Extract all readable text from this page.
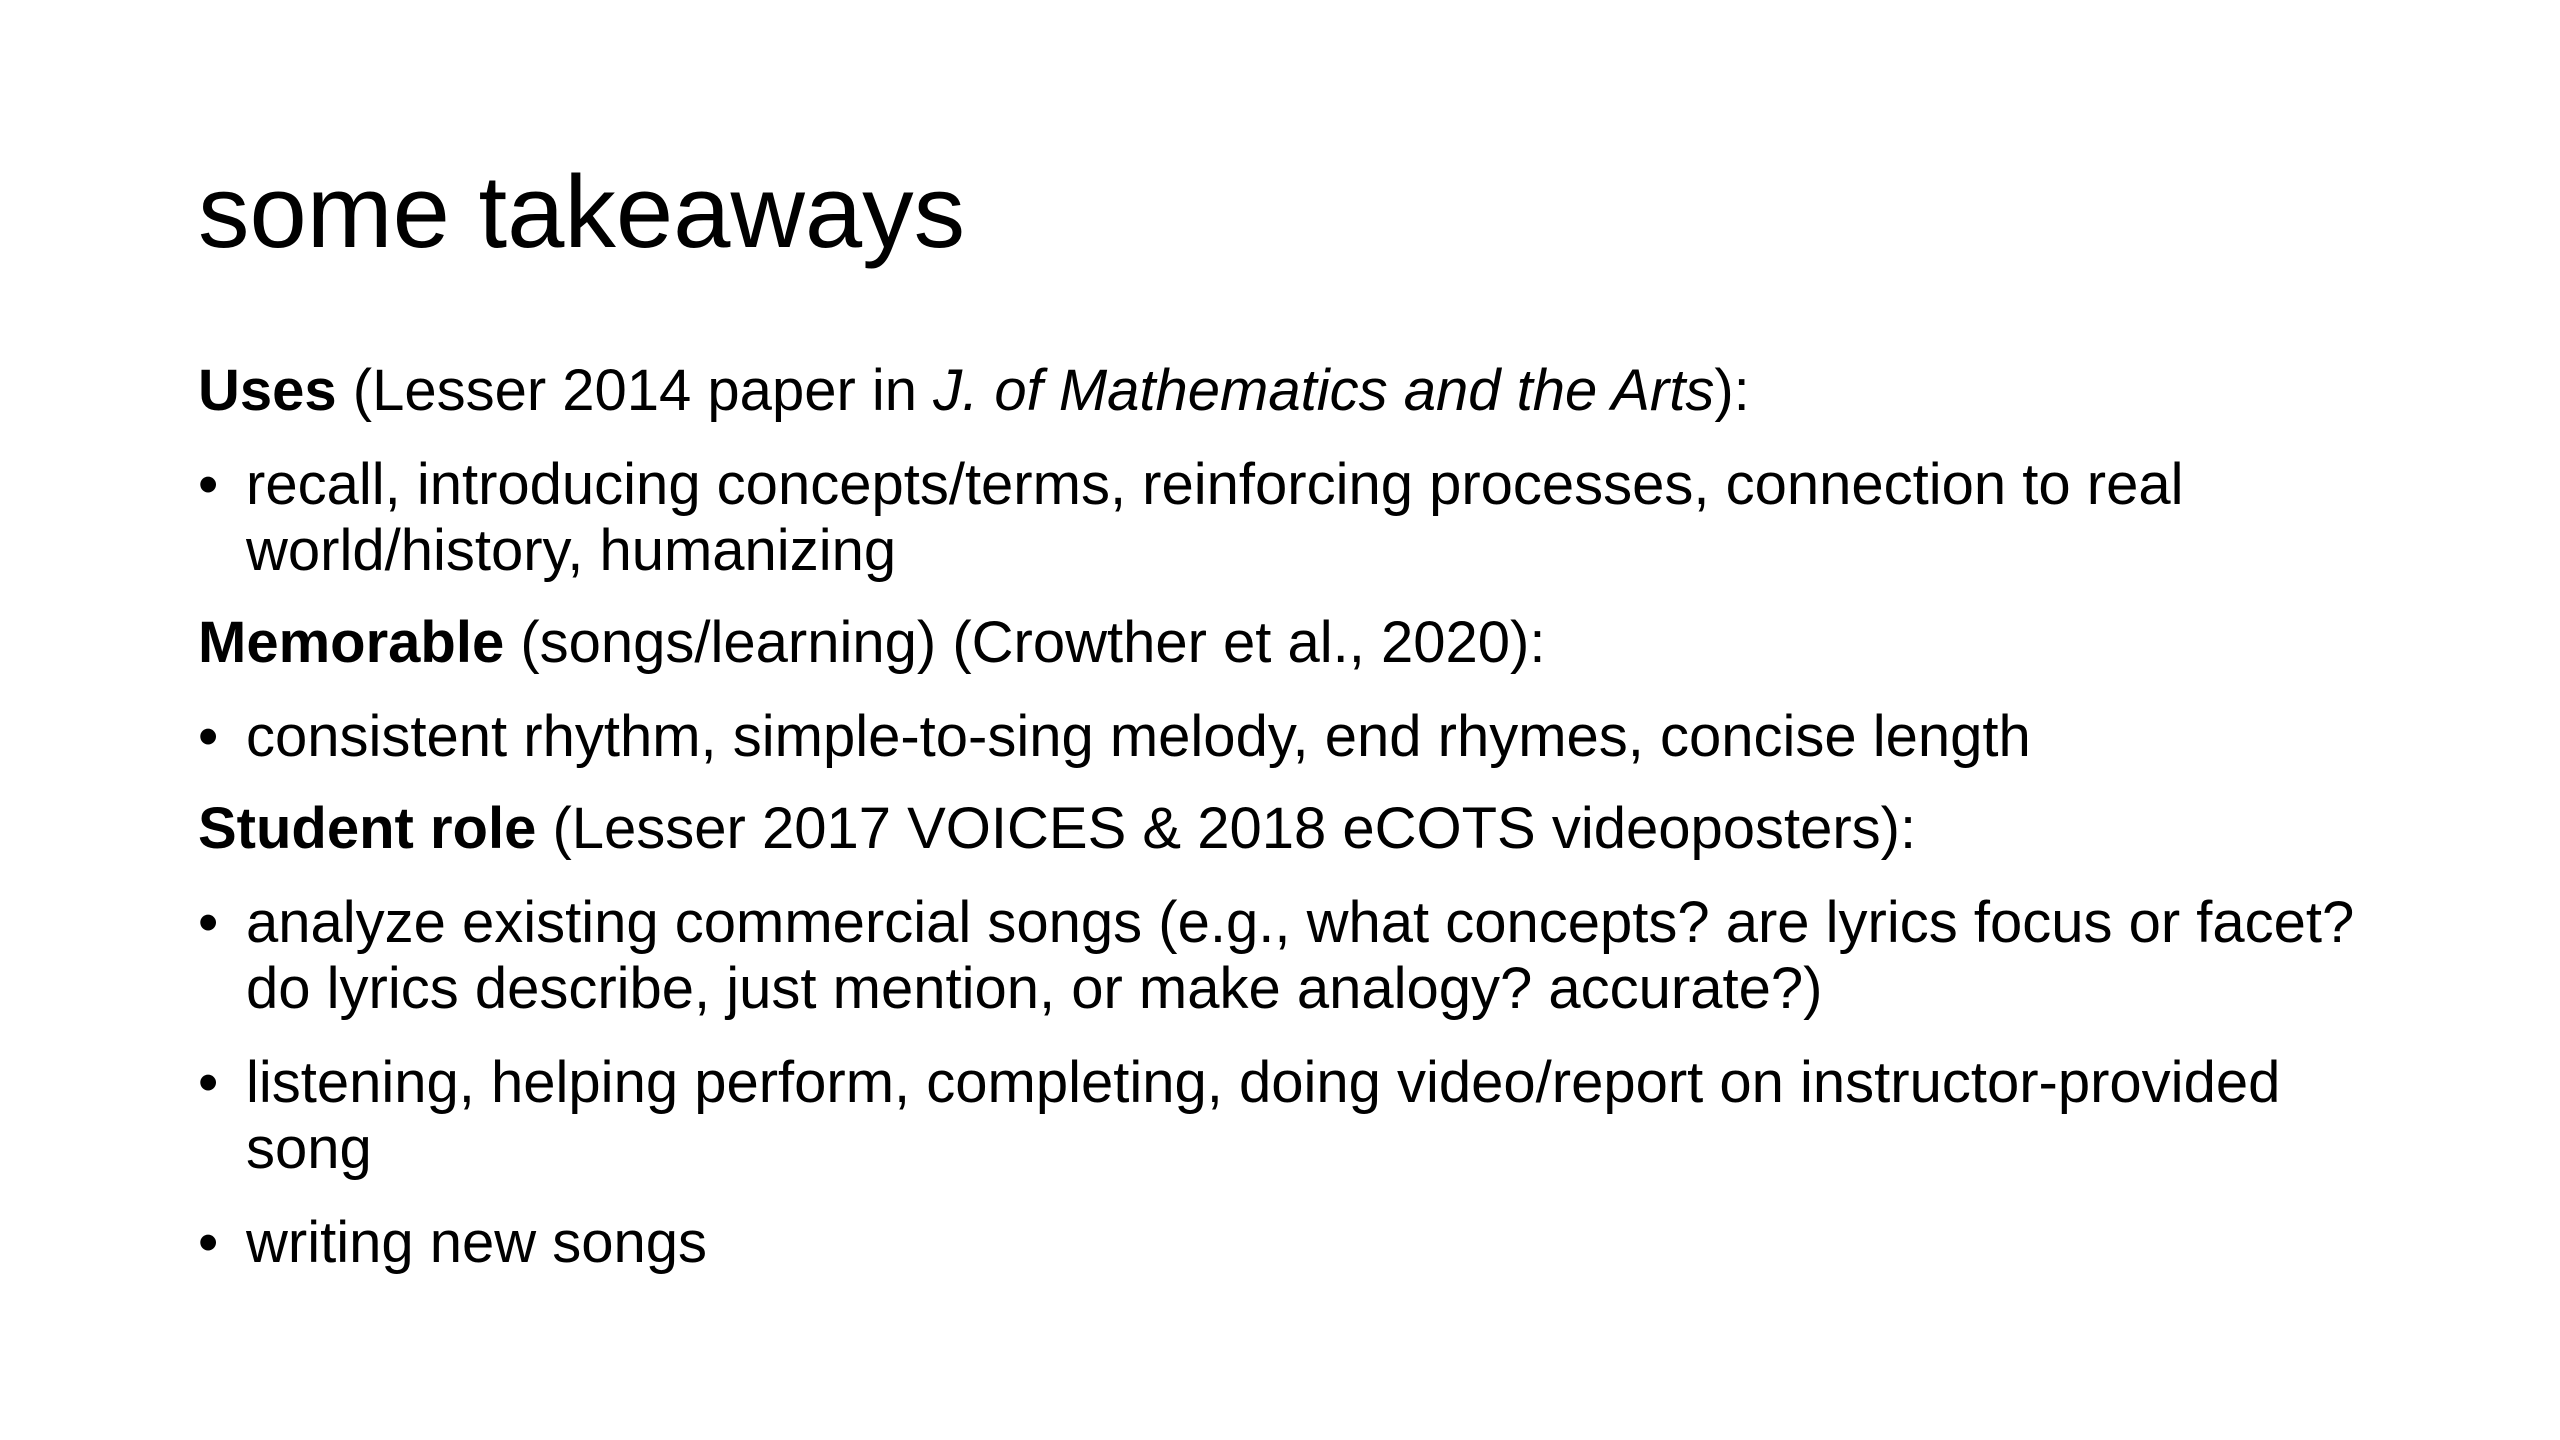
some takeaways
Uses (Lesser 2014 paper in J. of Mathematics and the Arts):
• recall, introducing concepts/terms, reinforcing processes, connection to real world/history, humanizing
Memorable (songs/learning) (Crowther et al., 2020):
• consistent rhythm, simple-to-sing melody, end rhymes, concise length
Student role (Lesser 2017 VOICES & 2018 eCOTS videoposters):
• analyze existing commercial songs (e.g., what concepts? are lyrics focus or facet? do lyrics describe, just mention, or make analogy? accurate?)
• listening, helping perform, completing, doing video/report on instructor-provided song
• writing new songs
